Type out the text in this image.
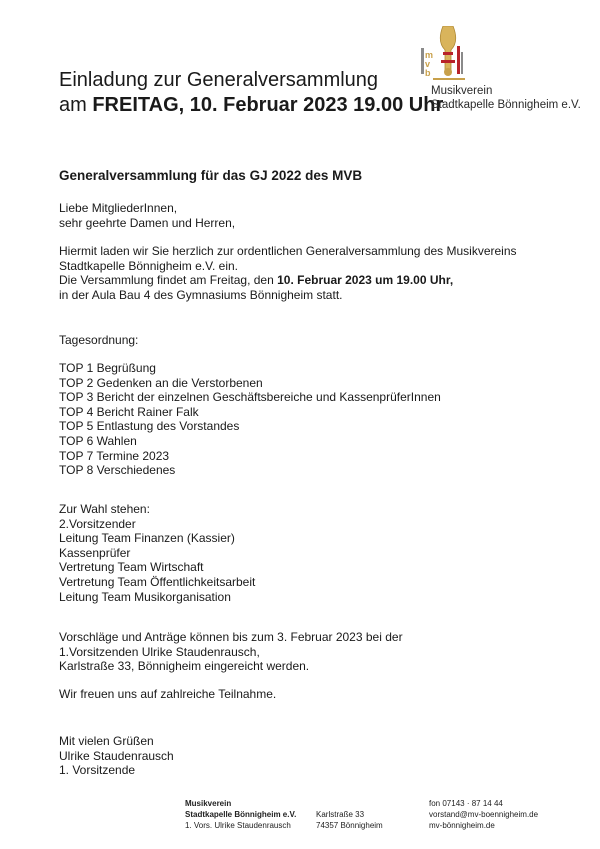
Einladung zur Generalversammlung
am FREITAG, 10. Februar 2023 19.00 Uhr
m
v
b
Musikverein
Stadtkapelle Bönnigheim e.V.
Generalversammlung für das GJ 2022 des MVB
Liebe MitgliederInnen,
sehr geehrte Damen und Herren,
Hiermit laden wir Sie herzlich zur ordentlichen Generalversammlung des Musikvereins
Stadtkapelle Bönnigheim e.V. ein.
Die Versammlung findet am Freitag, den 10. Februar 2023 um 19.00 Uhr,
in der Aula Bau 4 des Gymnasiums Bönnigheim statt.
Tagesordnung:
TOP 1 Begrüßung
TOP 2 Gedenken an die Verstorbenen
TOP 3 Bericht der einzelnen Geschäftsbereiche und KassenprüferInnen
TOP 4 Bericht Rainer Falk
TOP 5 Entlastung des Vorstandes
TOP 6 Wahlen
TOP 7 Termine 2023
TOP 8 Verschiedenes
Zur Wahl stehen:
2.Vorsitzender
Leitung Team Finanzen (Kassier)
Kassenprüfer
Vertretung Team Wirtschaft
Vertretung Team Öffentlichkeitsarbeit
Leitung Team Musikorganisation
Vorschläge und Anträge können bis zum 3. Februar 2023 bei der
1.Vorsitzenden Ulrike Staudenrausch,
Karlstraße 33, Bönnigheim eingereicht werden.
Wir freuen uns auf zahlreiche Teilnahme.
Mit vielen Grüßen
Ulrike Staudenrausch
1. Vorsitzende
Musikverein
Stadtkapelle Bönnigheim e.V.
1. Vors. Ulrike Staudenrausch
Karlstraße 33
74357 Bönnigheim
fon 07143 · 87 14 44
vorstand@mv-boennigheim.de
mv-bönnigheim.de
